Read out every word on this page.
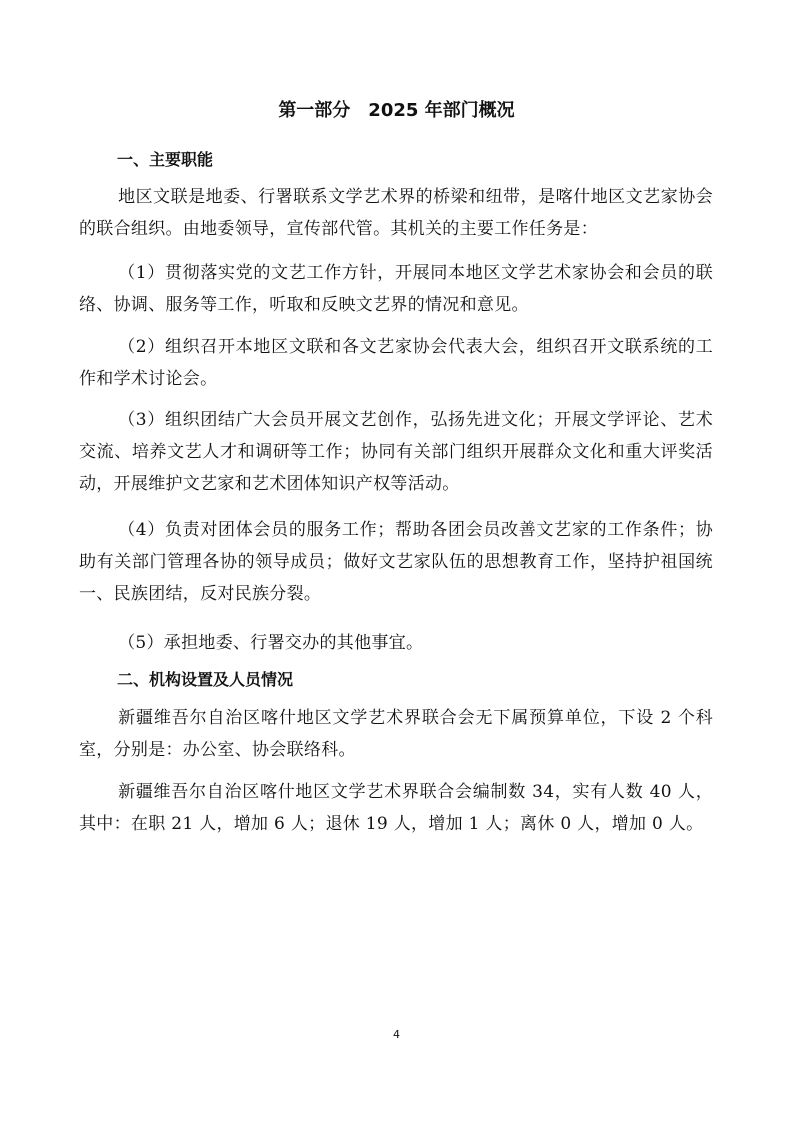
第一部分　2025 年部门概况
一、主要职能
地区文联是地委、行署联系文学艺术界的桥梁和纽带，是喀什地区文艺家协会的联合组织。由地委领导，宣传部代管。其机关的主要工作任务是：
（1）贯彻落实党的文艺工作方针，开展同本地区文学艺术家协会和会员的联络、协调、服务等工作，听取和反映文艺界的情况和意见。
（2）组织召开本地区文联和各文艺家协会代表大会，组织召开文联系统的工作和学术讨论会。
（3）组织团结广大会员开展文艺创作，弘扬先进文化；开展文学评论、艺术交流、培养文艺人才和调研等工作；协同有关部门组织开展群众文化和重大评奖活动，开展维护文艺家和艺术团体知识产权等活动。
（4）负责对团体会员的服务工作；帮助各团会员改善文艺家的工作条件；协助有关部门管理各协的领导成员；做好文艺家队伍的思想教育工作，坚持护祖国统一、民族团结，反对民族分裂。
（5）承担地委、行署交办的其他事宜。
二、机构设置及人员情况
新疆维吾尔自治区喀什地区文学艺术界联合会无下属预算单位，下设 2 个科室，分别是：办公室、协会联络科。
新疆维吾尔自治区喀什地区文学艺术界联合会编制数 34，实有人数 40 人，其中：在职 21 人，增加 6 人；退休 19 人，增加 1 人；离休 0 人，增加 0 人。
4
